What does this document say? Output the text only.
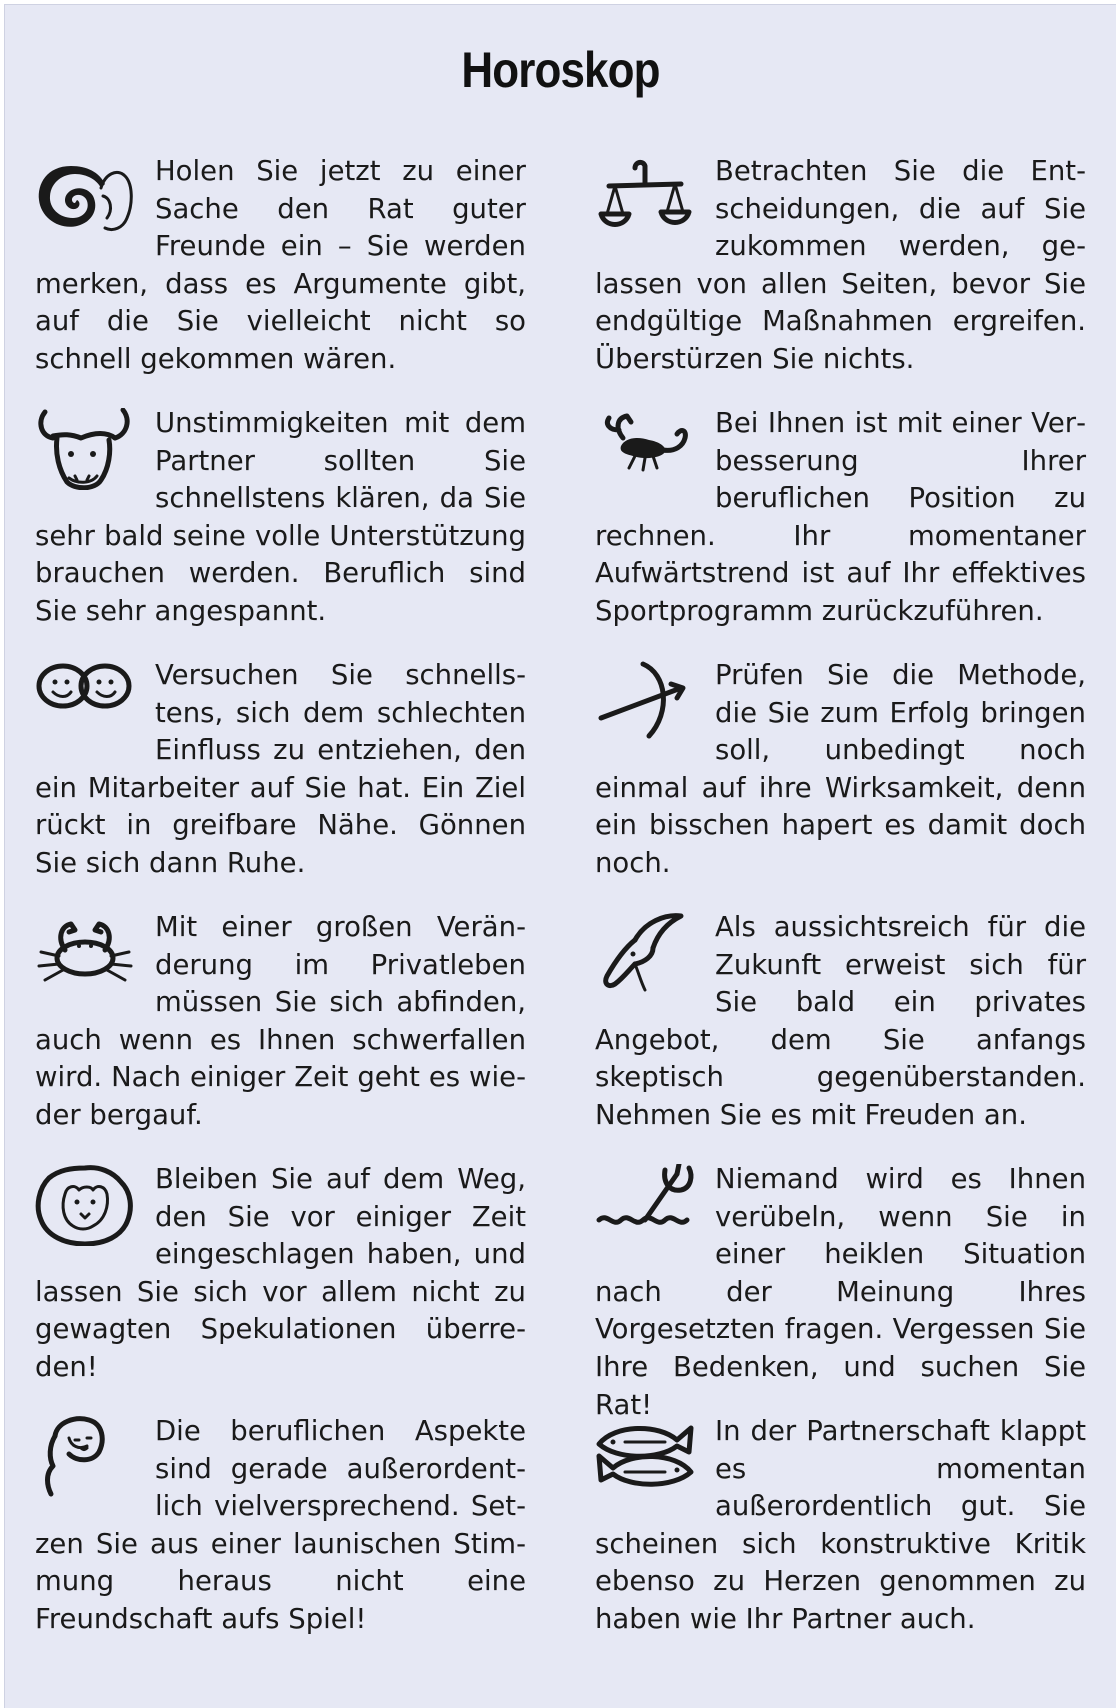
Horoskop

Holen Sie jetzt zu einer Sache den Rat guter Freunde ein – Sie werden merken, dass es Argumente gibt, auf die Sie vielleicht nicht so schnell gekommen wären.

Unstimmigkeiten mit dem Partner sollten Sie schnellstens klären, da Sie sehr bald seine volle Unterstützung brauchen werden. Beruflich sind Sie sehr angespannt.

Versuchen Sie schnellstens, sich dem schlechten Einfluss zu entziehen, den ein Mitarbeiter auf Sie hat. Ein Ziel rückt in greifbare Nähe. Gönnen Sie sich dann Ruhe.

Mit einer großen Veränderung im Privatleben müssen Sie sich abfinden, auch wenn es Ihnen schwerfallen wird. Nach einiger Zeit geht es wieder bergauf.

Bleiben Sie auf dem Weg, den Sie vor einiger Zeit eingeschlagen haben, und lassen Sie sich vor allem nicht zu gewagten Spekulationen überreden!

Die beruflichen Aspekte sind gerade außerordentlich vielversprechend. Setzen Sie aus einer launischen Stimmung heraus nicht eine Freundschaft aufs Spiel!

Betrachten Sie die Entscheidungen, die auf Sie zukommen werden, gelassen von allen Seiten, bevor Sie endgültige Maßnahmen ergreifen. Überstürzen Sie nichts.

Bei Ihnen ist mit einer Verbesserung Ihrer beruflichen Position zu rechnen. Ihr momentaner Aufwärtstrend ist auf Ihr effektives Sportprogramm zurückzuführen.

Prüfen Sie die Methode, die Sie zum Erfolg bringen soll, unbedingt noch einmal auf ihre Wirksamkeit, denn ein bisschen hapert es damit doch noch.

Als aussichtsreich für die Zukunft erweist sich für Sie bald ein privates Angebot, dem Sie anfangs skeptisch gegenüberstanden. Nehmen Sie es mit Freuden an.

Niemand wird es Ihnen verübeln, wenn Sie in einer heiklen Situation nach der Meinung Ihres Vorgesetzten fragen. Vergessen Sie Ihre Bedenken, und suchen Sie Rat!

In der Partnerschaft klappt es momentan außerordentlich gut. Sie scheinen sich konstruktive Kritik ebenso zu Herzen genommen zu haben wie Ihr Partner auch.
